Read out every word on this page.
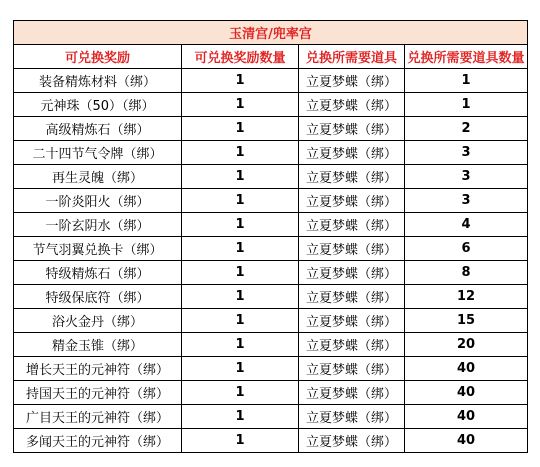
玉清宫/兜率宫			
可兑换奖励	可兑换奖励数量	兑换所需要道具	兑换所需要道具数量
装备精炼材料（绑）	1	立夏梦蝶（绑）	1
元神珠（50）（绑）	1	立夏梦蝶（绑）	1
高级精炼石（绑）	1	立夏梦蝶（绑）	2
二十四节气令牌（绑）	1	立夏梦蝶（绑）	3
再生灵魄（绑）	1	立夏梦蝶（绑）	3
一阶炎阳火（绑）	1	立夏梦蝶（绑）	3
一阶玄阴水（绑）	1	立夏梦蝶（绑）	4
节气羽翼兑换卡（绑）	1	立夏梦蝶（绑）	6
特级精炼石（绑）	1	立夏梦蝶（绑）	8
特级保底符（绑）	1	立夏梦蝶（绑）	12
浴火金丹（绑）	1	立夏梦蝶（绑）	15
精金玉锥（绑）	1	立夏梦蝶（绑）	20
增长天王的元神符（绑）	1	立夏梦蝶（绑）	40
持国天王的元神符（绑）	1	立夏梦蝶（绑）	40
广目天王的元神符（绑）	1	立夏梦蝶（绑）	40
多闻天王的元神符（绑）	1	立夏梦蝶（绑）	40
